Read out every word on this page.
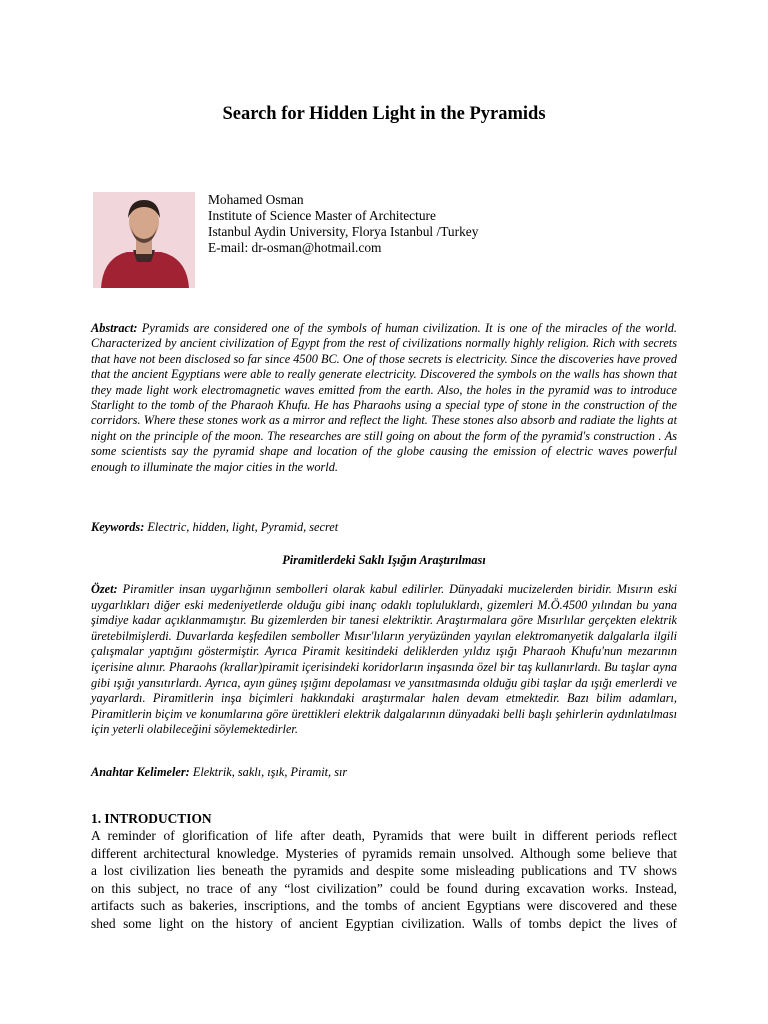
Search for Hidden Light in the Pyramids
Mohamed Osman
Institute of Science Master of Architecture
Istanbul Aydin University, Florya Istanbul /Turkey
E-mail: dr-osman@hotmail.com

Abstract: Pyramids are considered one of the symbols of human civilization. It is one of the miracles of the world. Characterized by ancient civilization of Egypt from the rest of civilizations normally highly religion. Rich with secrets that have not been disclosed so far since 4500 BC. One of those secrets is electricity. Since the discoveries have proved that the ancient Egyptians were able to really generate electricity. Discovered the symbols on the walls has shown that they made light work electromagnetic waves emitted from the earth. Also, the holes in the pyramid was to introduce Starlight to the tomb of the Pharaoh Khufu. He has Pharaohs using a special type of stone in the construction of the corridors. Where these stones work as a mirror and reflect the light. These stones also absorb and radiate the lights at night on the principle of the moon. The researches are still going on about the form of the pyramid's construction . As some scientists say the pyramid shape and location of the globe causing the emission of electric waves powerful enough to illuminate the major cities in the world.

Keywords: Electric, hidden, light, Pyramid, secret
Piramitlerdeki Saklı Işığın Araştırılması

Özet: Piramitler insan uygarlığının sembolleri olarak kabul edilirler. Dünyadaki mucizelerden biridir. Mısırın eski uygarlıkları diğer eski medeniyetlerde olduğu gibi inanç odaklı topluluklardı, gizemleri M.Ö.4500 yılından bu yana şimdiye kadar açıklanmamıştır. Bu gizemlerden bir tanesi elektriktir. Araştırmalara göre Mısırlılar gerçekten elektrik üretebilmişlerdi. Duvarlarda keşfedilen semboller Mısır'lıların yeryüzünden yayılan elektromanyetik dalgalarla ilgili çalışmalar yaptığını göstermiştir. Ayrıca Piramit kesitindeki deliklerden yıldız ışığı Pharaoh Khufu'nun mezarının içerisine alınır. Pharaohs (krallar)piramit içerisindeki koridorların inşasında özel bir taş kullanırlardı. Bu taşlar ayna gibi ışığı yansıtırlardı. Ayrıca, ayın güneş ışığını depolaması ve yansıtmasında olduğu gibi taşlar da ışığı emerlerdi ve yayarlardı. Piramitlerin inşa biçimleri hakkındaki araştırmalar halen devam etmektedir. Bazı bilim adamları, Piramitlerin biçim ve konumlarına göre ürettikleri elektrik dalgalarının dünyadaki belli başlı şehirlerin aydınlatılması için yeterli olabileceğini söylemektedirler.

Anahtar Kelimeler: Elektrik, saklı, ışık, Piramit, sır
1. INTRODUCTION
A reminder of glorification of life after death, Pyramids that were built in different periods reflect
different architectural knowledge. Mysteries of pyramids remain unsolved. Although some believe that
a lost civilization lies beneath the pyramids and despite some misleading publications and TV shows
on this subject, no trace of any “lost civilization” could be found during excavation works. Instead,
artifacts such as bakeries, inscriptions, and the tombs of ancient Egyptians were discovered and these
shed some light on the history of ancient Egyptian civilization. Walls of tombs depict the lives of
